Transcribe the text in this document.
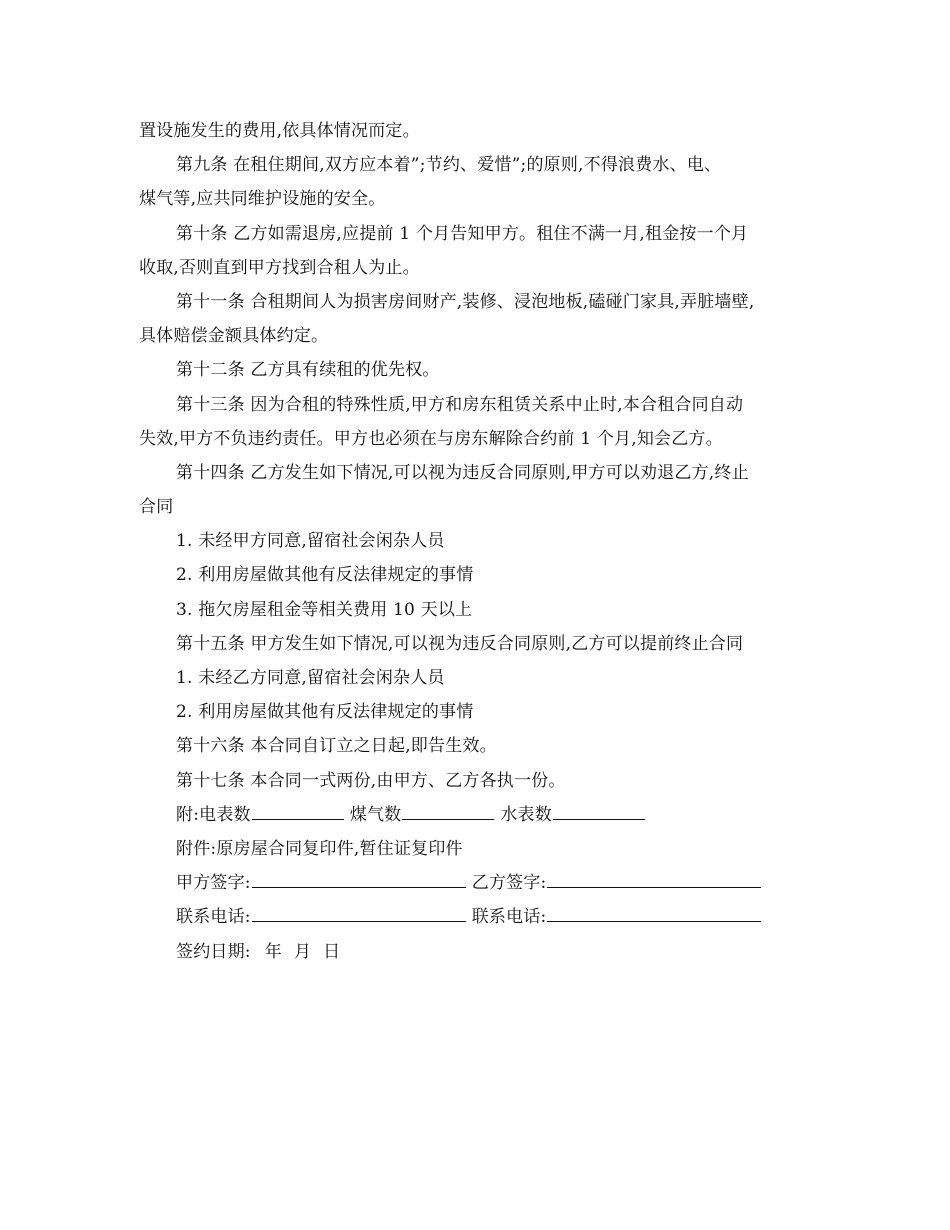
置设施发生的费用,依具体情况而定。
第九条 在租住期间,双方应本着”;节约、爱惜”;的原则,不得浪费水、电、
煤气等,应共同维护设施的安全。
第十条 乙方如需退房,应提前 1 个月告知甲方。租住不满一月,租金按一个月
收取,否则直到甲方找到合租人为止。
第十一条 合租期间人为损害房间财产,装修、浸泡地板,磕碰门家具,弄脏墙壁,
具体赔偿金额具体约定。
第十二条 乙方具有续租的优先权。
第十三条 因为合租的特殊性质,甲方和房东租赁关系中止时,本合租合同自动
失效,甲方不负违约责任。甲方也必须在与房东解除合约前 1 个月,知会乙方。
第十四条 乙方发生如下情况,可以视为违反合同原则,甲方可以劝退乙方,终止
合同
1. 未经甲方同意,留宿社会闲杂人员
2. 利用房屋做其他有反法律规定的事情
3. 拖欠房屋租金等相关费用 10 天以上
第十五条 甲方发生如下情况,可以视为违反合同原则,乙方可以提前终止合同
1. 未经乙方同意,留宿社会闲杂人员
2. 利用房屋做其他有反法律规定的事情
第十六条 本合同自订立之日起,即告生效。
第十七条 本合同一式两份,由甲方、乙方各执一份。
附:电表数	煤气数	水表数
附件:原房屋合同复印件,暂住证复印件
甲方签字:	乙方签字:
联系电话:	联系电话:
签约日期: 年 月 日
